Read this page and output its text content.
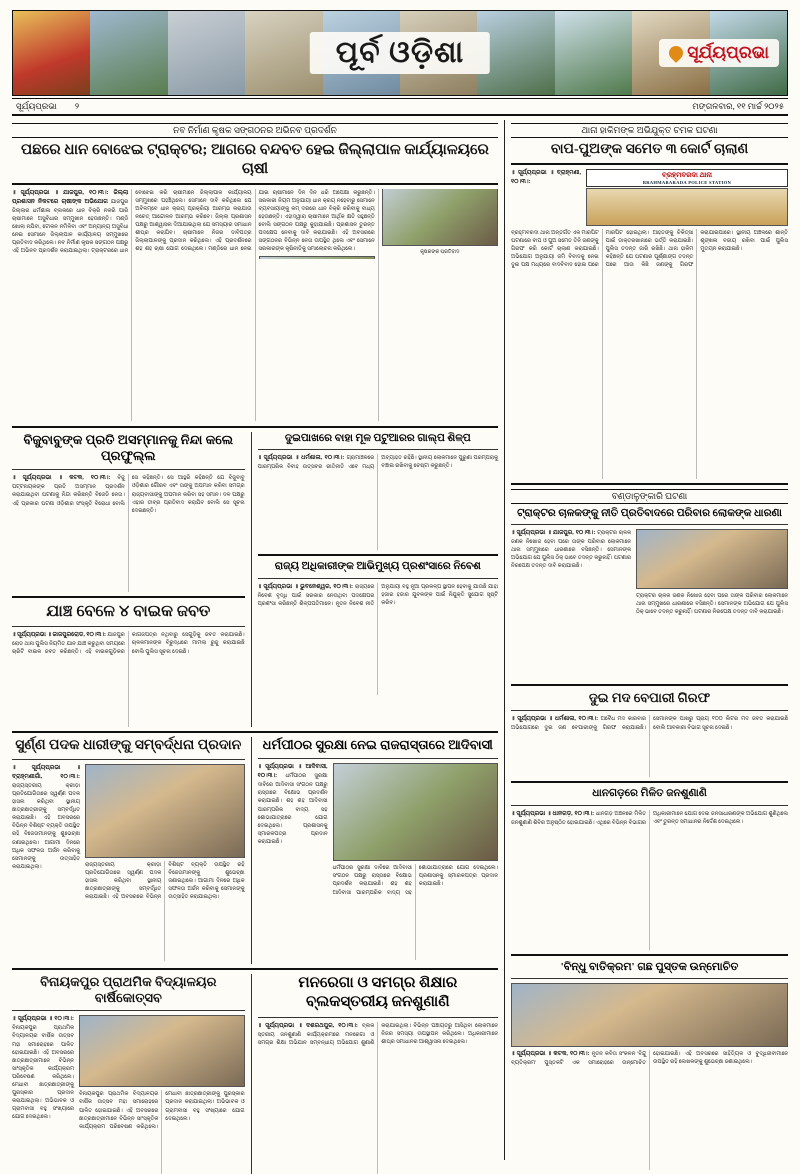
ପୂର୍ବ ଓଡ଼ିଶା	ସୂର୍ଯ୍ୟପ୍ରଭା
ସୂର୍ଯ୍ୟପ୍ରଭା ୨	ମଙ୍ଗଳବାର, ୧୧ ମାର୍ଚ୍ଚ ୨୦୨୫
ନବ ନିର୍ମାଣ କୃଷକ ସଙ୍ଗଠନର ଅଭିନବ ପ୍ରଦର୍ଶନ
ପଛରେ ଧାନ ବୋଝେଇ ଟ୍ରାକ୍ଟର; ଆଗରେ ବନ୍ଦବତ ହେଇ ଜିଲ୍ଲାପାଳ କାର୍ଯ୍ୟାଳୟରେ ଚାଷୀ
॥ ସୂର୍ଯ୍ୟପ୍ରଭା ॥ ଯାଜପୁର, ୧୦।୩।: ଜିଲ୍ଲା ପ୍ରଶାସନ ନିକଟରେ ଚାଷୀଙ୍କ ଅଭିଯୋଗ ଯାଜପୁର ଜିଲ୍ଲାର ଧର୍ମଶାଳା ବ୍ଲକରେ ଧାନ ବିକ୍ରି ନକରି ପାରି ଚାଷୀମାନେ ଅସୁବିଧାର ସମ୍ମୁଖୀନ ହେଉଛନ୍ତି। ମଣ୍ଡି ଖୋଲା ନଯିବା, ଟୋକନ ନମିଳିବା ଏବଂ ଅନ୍ୟାନ୍ୟ ଅସୁବିଧା ନେଇ ସେମାନେ ଜିଲ୍ଲାପାଳ କାର୍ଯ୍ୟାଳୟ ସମ୍ମୁଖରେ ପ୍ରତିବାଦ କରିଥିଲେ। ନବ ନିର୍ମାଣ କୃଷକ ସଙ୍ଗଠନ ପକ୍ଷରୁ ଏହି ଅଭିନବ ପ୍ରଦର୍ଶନ କରାଯାଇଥିଲା। ଟ୍ରାକ୍ଟରରେ ଧାନ ବୋଝେଇ କରି ଚାଷୀମାନେ ଜିଲ୍ଲାପାଳ କାର୍ଯ୍ୟାଳୟ ସମ୍ମୁଖରେ ପହଞ୍ଚିଥିଲେ। ସେମାନେ ଦାବି କରିଥିଲେ ଯେ ଅବିଳମ୍ବେ ଧାନ କ୍ରୟ ପ୍ରକ୍ରିୟା ଆରମ୍ଭ କରାଯାଉ ନଚେତ୍ ଆନ୍ଦୋଳନ ଆରମ୍ଭ କରିବେ। ଜିଲ୍ଲା ପ୍ରଶାସନ ପକ୍ଷରୁ ଆଶ୍ୱାସନା ଦିଆଯାଇଥିଲା ଯେ ସମସ୍ୟାର ସମାଧାନ ଶୀଘ୍ର କରାଯିବ। ଚାଷୀମାନେ ନିଜର ଦାବିପତ୍ର ଜିଲ୍ଲାପାଳଙ୍କୁ ପ୍ରଦାନ କରିଥିଲେ। ଏହି ପ୍ରଦର୍ଶନରେ ଶହ ଶହ ଚାଷୀ ଯୋଗ ଦେଇଥିଲେ। ମଣ୍ଡିରେ ଧାନ ନେଇ ଯାଇ ଚାଷୀମାନେ ଦିନ ଦିନ ଧରି ଅପେକ୍ଷା କରୁଛନ୍ତି। ସରକାରୀ ନିୟମ ଅନୁଯାୟୀ ଧାନ କ୍ରୟ ନହେବାରୁ ସେମାନେ ବ୍ୟବସାୟୀଙ୍କୁ କମ୍ ଦରରେ ଧାନ ବିକ୍ରି କରିବାକୁ ବାଧ୍ୟ ହେଉଛନ୍ତି। ଏହାଦ୍ୱାରା ଚାଷୀମାନେ ଆର୍ଥିକ କ୍ଷତି ସହୁଛନ୍ତି ବୋଲି ସଙ୍ଗଠନ ପକ୍ଷରୁ କୁହାଯାଇଛି। ପ୍ରଶାସନ ତୁରନ୍ତ ପଦକ୍ଷେପ ନେବାକୁ ଦାବି କରାଯାଇଛି। ଏହି ଅବସରରେ ସଙ୍ଗଠନର ବିଭିନ୍ନ ନେତା ଉପସ୍ଥିତ ଥିଲେ ଏବଂ ସେମାନେ ସରକାରଙ୍କ କୃଷିନୀତିକୁ ସମାଲୋଚନା କରିଥିଲେ।
କୃଷକଙ୍କ ପ୍ରତିବାଦ
ବିଜୁବାବୁଙ୍କ ପ୍ରତି ଅସମ୍ମାନକୁ ନିନ୍ଦା କଲେ ପ୍ରଫୁଲ୍ଲ
॥ ସୂର୍ଯ୍ୟପ୍ରଭା ॥ କଟକ, ୧୦।୩।: ବିଜୁ ପଟ୍ଟନାୟକଙ୍କ ପ୍ରତି ଅସମ୍ମାନ ପ୍ରଦର୍ଶନ କରାଯାଇଥିବା ଘଟଣାକୁ ନିନ୍ଦା କରିଛନ୍ତି ବିଜେଡି ନେତା। ଏହି ପ୍ରକାର ଘଟଣା ଓଡ଼ିଶାର ସଂସ୍କୃତି ବିରୋଧୀ ବୋଲି ସେ କହିଛନ୍ତି। ସେ ଆହୁରି କହିଛନ୍ତି ଯେ ବିଜୁବାବୁ ଓଡ଼ିଶାର ଗୌରବ ଏବଂ ତାଙ୍କୁ ଅପମାନ କରିବା ସମଗ୍ର ରାଜ୍ୟବାସୀଙ୍କୁ ଅପମାନ କରିବା ସହ ସମାନ। ଦଳ ପକ୍ଷରୁ ଏହାର ତୀବ୍ର ପ୍ରତିବାଦ କରାଯିବ ବୋଲି ସେ ସୂଚନା ଦେଇଛନ୍ତି।
ଯାଞ୍ଚ ବେଳେ ୪ ବାଇକ ଜବତ
॥ ସୂର୍ଯ୍ୟପ୍ରଭା ॥ ଜାଜପୁରରୋଡ, ୧୦।୩।: ଯାଜପୁର ରୋଡ ଥାନା ପୁଲିସ ନିୟମିତ ଯାନ ଯାଞ୍ଚ କରୁଥିବା ସମୟରେ ଚାରିଟି ବାଇକ ଜବତ କରିଛନ୍ତି। ଏହି ବାଇକଗୁଡ଼ିକର କାଗଜପତ୍ର ନଥିବାରୁ ସେଗୁଡ଼ିକୁ ଜବତ କରାଯାଇଛି। ଚାଳକମାନଙ୍କ ବିରୁଦ୍ଧରେ ମାମଲା ରୁଜୁ କରାଯାଇଛି ବୋଲି ପୁଲିସ ସୂଚନା ଦେଇଛି।
ଦୁଇପାଖରେ ବାହା ମୂଳ ପଟୁଆରର ଗାଲ୍ପ ଶିଳ୍ପ
॥ ସୂର୍ଯ୍ୟପ୍ରଭା ॥ ଧର୍ମଶାଳା, ୧୦।୩।: ଗ୍ରାମାଞ୍ଚଳରେ ପାରମ୍ପରିକ ବିବାହ ଉତ୍ସବର ରୀତିନୀତି ଏବେ ମଧ୍ୟ ଅବ୍ୟାହତ ରହିଛି। ସ୍ଥାନୀୟ ଲୋକମାନେ ପୁରୁଣା ପରମ୍ପରାକୁ ବଞ୍ଚାଇ ରଖିବାକୁ ଚେଷ୍ଟା କରୁଛନ୍ତି।
ରାଜ୍ୟ ଅଧିକାରୀଙ୍କ ଆଭିମୁଖ୍ୟ ପ୍ରଶଂସାରେ ନିବେଶ
॥ ସୂର୍ଯ୍ୟପ୍ରଭା ॥ ଭୁବନେଶ୍ୱର, ୧୦।୩।: ରାଜ୍ୟରେ ନିବେଶ ବୃଦ୍ଧି ପାଇଁ ସରକାର ନେଉଥିବା ପଦକ୍ଷେପର ପ୍ରଶଂସା କରିଛନ୍ତି ଶିଳ୍ପପତିମାନେ। ନୂତନ ନିବେଶ ନୀତି ଅନୁଯାୟୀ ବହୁ ନୂଆ ପ୍ରକଳ୍ପ ସ୍ଥାପନ ହେବାକୁ ଯାଉଛି ଯାହା ହଜାର ହଜାର ଯୁବକଙ୍କ ପାଇଁ ନିଯୁକ୍ତି ସୁଯୋଗ ସୃଷ୍ଟି କରିବ।
ସୁର୍ଣ୍ଣ ପଦକ ଧାରୀଙ୍କୁ ସମ୍ବର୍ଦ୍ଧନା ପ୍ରଦାନ
॥ ସୂର୍ଯ୍ୟପ୍ରଭା ॥ ବ୍ରାହ୍ମଣୀଗାଁ, ୧୦।୩।: ରାଜ୍ୟସ୍ତରୀୟ କ୍ରୀଡ଼ା ପ୍ରତିଯୋଗିତାରେ ସ୍ୱର୍ଣ୍ଣ ପଦକ ହାସଲ କରିଥିବା ସ୍ଥାନୀୟ ଛାତ୍ରଛାତ୍ରୀଙ୍କୁ ସମ୍ବର୍ଦ୍ଧିତ କରାଯାଇଛି। ଏହି ଅବସରରେ ବିଭିନ୍ନ ବିଶିଷ୍ଟ ବ୍ୟକ୍ତି ଉପସ୍ଥିତ ରହି ବିଜେତାମାନଙ୍କୁ ଶୁଭେଚ୍ଛା ଜଣାଇଥିଲେ। ଆଗାମୀ ଦିନରେ ଅଧିକ ସଫଳତା ଅର୍ଜନ କରିବାକୁ ସେମାନଙ୍କୁ ଉତ୍ସାହିତ କରାଯାଇଥିଲା।	ରାଜ୍ୟସ୍ତରୀୟ କ୍ରୀଡ଼ା ପ୍ରତିଯୋଗିତାରେ ସ୍ୱର୍ଣ୍ଣ ପଦକ ହାସଲ କରିଥିବା ସ୍ଥାନୀୟ ଛାତ୍ରଛାତ୍ରୀଙ୍କୁ ସମ୍ବର୍ଦ୍ଧିତ କରାଯାଇଛି। ଏହି ଅବସରରେ ବିଭିନ୍ନ ବିଶିଷ୍ଟ ବ୍ୟକ୍ତି ଉପସ୍ଥିତ ରହି ବିଜେତାମାନଙ୍କୁ ଶୁଭେଚ୍ଛା ଜଣାଇଥିଲେ। ଆଗାମୀ ଦିନରେ ଅଧିକ ସଫଳତା ଅର୍ଜନ କରିବାକୁ ସେମାନଙ୍କୁ ଉତ୍ସାହିତ କରାଯାଇଥିଲା।
ଧର୍ମପୀଠର ସୁରକ୍ଷା ନେଇ ରାଜରାସ୍ତାରେ ଆଦିବାସୀ
॥ ସୂର୍ଯ୍ୟପ୍ରଭା ॥ ଆଦିବାସୀ, ୧୦।୩।: ଧର୍ମପୀଠର ସୁରକ୍ଷା ଦାବିରେ ଆଦିବାସୀ ସଂଗଠନ ପକ୍ଷରୁ ରାସ୍ତାରେ ବିକ୍ଷୋଭ ପ୍ରଦର୍ଶନ କରାଯାଇଛି। ଶହ ଶହ ଆଦିବାସୀ ପାରମ୍ପରିକ ବାଦ୍ୟ ସହ ଶୋଭାଯାତ୍ରାରେ ଯୋଗ ଦେଇଥିଲେ। ପ୍ରଶାସନକୁ ସ୍ମାରକପତ୍ର ପ୍ରଦାନ କରାଯାଇଛି।
ଧର୍ମପୀଠର ସୁରକ୍ଷା ଦାବିରେ ଆଦିବାସୀ ସଂଗଠନ ପକ୍ଷରୁ ରାସ୍ତାରେ ବିକ୍ଷୋଭ ପ୍ରଦର୍ଶନ କରାଯାଇଛି। ଶହ ଶହ ଆଦିବାସୀ ପାରମ୍ପରିକ ବାଦ୍ୟ ସହ ଶୋଭାଯାତ୍ରାରେ ଯୋଗ ଦେଇଥିଲେ। ପ୍ରଶାସନକୁ ସ୍ମାରକପତ୍ର ପ୍ରଦାନ କରାଯାଇଛି।
ବିନାୟକପୁର ପ୍ରାଥମିକ ବିଦ୍ୟାଳୟର ବାର୍ଷିକୋତ୍ସବ
॥ ସୂର୍ଯ୍ୟପ୍ରଭା ॥ ୧୦।୩।: ବିନାୟକପୁର ପ୍ରାଥମିକ ବିଦ୍ୟାଳୟର ବାର୍ଷିକ ଉତ୍ସବ ମହା ସମାରୋହରେ ପାଳିତ ହୋଇଯାଇଛି। ଏହି ଅବସରରେ ଛାତ୍ରଛାତ୍ରୀମାନେ ବିଭିନ୍ନ ସାଂସ୍କୃତିକ କାର୍ଯ୍ୟକ୍ରମ ପରିବେଷଣ କରିଥିଲେ। ମେଧାବୀ ଛାତ୍ରଛାତ୍ରୀଙ୍କୁ ପୁରସ୍କାର ପ୍ରଦାନ କରାଯାଇଥିଲା। ଅଭିଭାବକ ଓ ଗ୍ରାମବାସୀ ବହୁ ସଂଖ୍ୟାରେ ଯୋଗ ଦେଇଥିଲେ।
ବିନାୟକପୁର ପ୍ରାଥମିକ ବିଦ୍ୟାଳୟର ବାର୍ଷିକ ଉତ୍ସବ ମହା ସମାରୋହରେ ପାଳିତ ହୋଇଯାଇଛି। ଏହି ଅବସରରେ ଛାତ୍ରଛାତ୍ରୀମାନେ ବିଭିନ୍ନ ସାଂସ୍କୃତିକ କାର୍ଯ୍ୟକ୍ରମ ପରିବେଷଣ କରିଥିଲେ। ମେଧାବୀ ଛାତ୍ରଛାତ୍ରୀଙ୍କୁ ପୁରସ୍କାର ପ୍ରଦାନ କରାଯାଇଥିଲା। ଅଭିଭାବକ ଓ ଗ୍ରାମବାସୀ ବହୁ ସଂଖ୍ୟାରେ ଯୋଗ ଦେଇଥିଲେ।
ମନରେଗା ଓ ସମଗ୍ର ଶିକ୍ଷାର ବ୍ଲକସ୍ତରୀୟ ଜନଶୁଣାଣି
॥ ସୂର୍ଯ୍ୟପ୍ରଭା ॥ ଦଶରଥପୁର, ୧୦।୩।: ବ୍ଲକ ସ୍ତରୀୟ ଜନଶୁଣାଣି କାର୍ଯ୍ୟକ୍ରମରେ ମନରେଗା ଓ ସମଗ୍ର ଶିକ୍ଷା ଅଭିଯାନ ସମ୍ବନ୍ଧୀୟ ଅଭିଯୋଗ ଶୁଣାଣି କରାଯାଇଥିଲା। ବିଭିନ୍ନ ପଞ୍ଚାୟତରୁ ଆସିଥିବା ଲୋକମାନେ ନିଜର ସମସ୍ୟା ଉପସ୍ଥାପନ କରିଥିଲେ। ଅଧିକାରୀମାନେ ଶୀଘ୍ର ସମାଧାନର ଆଶ୍ୱାସନା ଦେଇଥିଲେ।
ଥାନା ହାକିମଙ୍କ ଅଭିଯୁକ୍ତ ଚମକ ଘଟଣା
ବାପ-ପୁଅଙ୍କ ସମେତ ୩ କୋର୍ଟ ଚାଲାଣ
॥ ସୂର୍ଯ୍ୟପ୍ରଭା ॥ ବ୍ରାହ୍ମଣୀ, ୧୦।୩।:
ବ୍ରହ୍ମବରଦା ଥାନା
BRAHMABARADA POLICE STATION
ବ୍ରହ୍ମବରଦା ଥାନା ଅନ୍ତର୍ଗତ ଏକ ମାରପିଟ ଘଟଣାରେ ବାପ ଓ ପୁଅ ସମେତ ତିନି ଜଣଙ୍କୁ ଗିରଫ କରି କୋର୍ଟ ଚାଲାଣ କରାଯାଇଛି। ଅଭିଯୋଗ ଅନୁଯାୟୀ ଜମି ବିବାଦକୁ ନେଇ ଦୁଇ ପକ୍ଷ ମଧ୍ୟରେ ବାଦବିବାଦ ହୋଇ ପରେ ମାରପିଟ ହୋଇଥିଲା। ଆହତଙ୍କୁ ଚିକିତ୍ସା ପାଇଁ ଡାକ୍ତରଖାନାରେ ଭର୍ତ୍ତି କରାଯାଇଛି। ପୁଲିସ ତଦନ୍ତ ଜାରି ରଖିଛି। ଥାନା ହାକିମ କହିଛନ୍ତି ଯେ ଘଟଣାର ପୂର୍ଣ୍ଣାଙ୍ଗ ତଦନ୍ତ ପରେ ଆଉ କିଛି ଜଣଙ୍କୁ ଗିରଫ କରାଯାଇପାରେ। ସ୍ଥାନୀୟ ଅଞ୍ଚଳରେ ଶାନ୍ତି ଶୃଙ୍ଖଳା ବଜାୟ ରଖିବା ପାଇଁ ପୁଲିସ ମୁତୟନ କରାଯାଇଛି।
ବଣ୍ଡାଳୁଙ୍କାରି ଘଟଣା
ଟ୍ରାକ୍ଟର ଚାଳକଙ୍କୁ ନୀତି ପ୍ରତିବାଦରେ ପରିବାର ଲୋକଙ୍କ ଧାରଣା
॥ ସୂର୍ଯ୍ୟପ୍ରଭା ॥ ଯାଜପୁର, ୧୦।୩।: ଟ୍ରାକ୍ଟର ଚାଳକ ଜଣକ ନିଖୋଜ ହେବା ପରେ ତାଙ୍କ ପରିବାର ଲୋକମାନେ ଥାନା ସମ୍ମୁଖରେ ଧାରଣାରେ ବସିଛନ୍ତି। ସେମାନଙ୍କ ଅଭିଯୋଗ ଯେ ପୁଲିସ ଠିକ୍ ଭାବେ ତଦନ୍ତ କରୁନାହିଁ। ଘଟଣାର ନିରପେକ୍ଷ ତଦନ୍ତ ଦାବି କରାଯାଇଛି।
ଟ୍ରାକ୍ଟର ଚାଳକ ଜଣକ ନିଖୋଜ ହେବା ପରେ ତାଙ୍କ ପରିବାର ଲୋକମାନେ ଥାନା ସମ୍ମୁଖରେ ଧାରଣାରେ ବସିଛନ୍ତି। ସେମାନଙ୍କ ଅଭିଯୋଗ ଯେ ପୁଲିସ ଠିକ୍ ଭାବେ ତଦନ୍ତ କରୁନାହିଁ। ଘଟଣାର ନିରପେକ୍ଷ ତଦନ୍ତ ଦାବି କରାଯାଇଛି।
ଦୁଇ ମଦ ବେପାରୀ ଗିରଫ
॥ ସୂର୍ଯ୍ୟପ୍ରଭା ॥ ଧର୍ମଶାଳା, ୧୦।୩।: ଅବୈଧ ମଦ କାରବାର ଅଭିଯୋଗରେ ଦୁଇ ଜଣ ବେପାରୀଙ୍କୁ ଗିରଫ କରାଯାଇଛି। ସେମାନଙ୍କ ପାଖରୁ ପ୍ରାୟ ୧୦୦ ଲିଟର ମଦ ଜବତ କରାଯାଇଛି ବୋଲି ଆବକାରୀ ବିଭାଗ ସୂଚନା ଦେଇଛି।
ଧାନଗଡ଼ରେ ମିଳିତ ଜନଶୁଣାଣି
॥ ସୂର୍ଯ୍ୟପ୍ରଭା ॥ ଧାନଗଡ଼, ୧୦।୩।: ଧାନଗଡ଼ ଅଞ୍ଚଳରେ ମିଳିତ ଜନଶୁଣାଣି ଶିବିର ଅନୁଷ୍ଠିତ ହୋଇଯାଇଛି। ଏଥିରେ ବିଭିନ୍ନ ବିଭାଗର ଅଧିକାରୀମାନେ ଯୋଗ ଦେଇ ଜନସାଧାରଣଙ୍କ ଅଭିଯୋଗ ଶୁଣିଥିଲେ ଏବଂ ତୁରନ୍ତ ସମାଧାନର ନିର୍ଦ୍ଦେଶ ଦେଇଥିଲେ।
'ବିନ୍ଧୁ ବାତିକ୍ରମ' ଗଛ ପୁସ୍ତକ ଉନ୍ମୋଚିତ
॥ ସୂର୍ଯ୍ୟପ୍ରଭା ॥ କଟକ, ୧୦।୩।: ନୂତନ କବିତା ସଂକଳନ 'ବିନ୍ଦୁ ବ୍ୟତିକ୍ରମ' ପୁସ୍ତକଟି ଏକ ସମାରୋହରେ ଉନ୍ମୋଚିତ ହୋଇଯାଇଛି। ଏହି ଅବସରରେ ସାହିତ୍ୟିକ ଓ ବୁଦ୍ଧିଜୀବୀମାନେ ଉପସ୍ଥିତ ରହି ଲେଖକଙ୍କୁ ଶୁଭେଚ୍ଛା ଜଣାଇଥିଲେ।
